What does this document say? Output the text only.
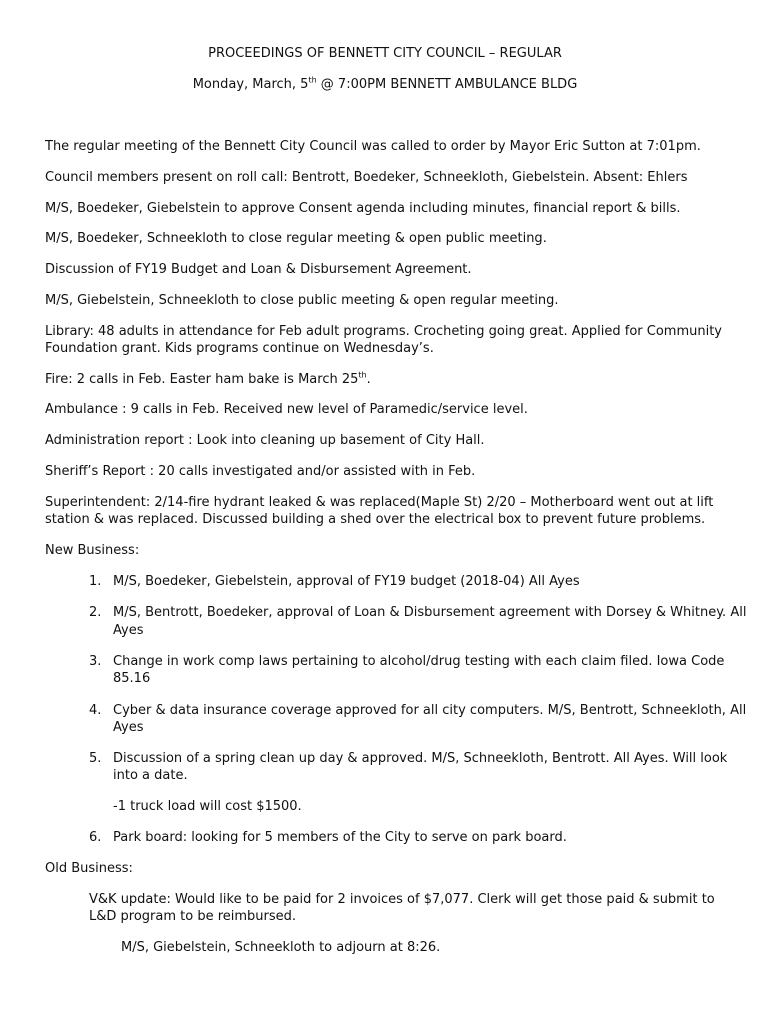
PROCEEDINGS OF BENNETT CITY COUNCIL – REGULAR
Monday, March, 5th @ 7:00PM BENNETT AMBULANCE BLDG
The regular meeting of the Bennett City Council was called to order by Mayor Eric Sutton at 7:01pm.
Council members present on roll call: Bentrott, Boedeker, Schneekloth, Giebelstein. Absent: Ehlers
M/S, Boedeker, Giebelstein to approve Consent agenda including minutes, financial report & bills.
M/S, Boedeker, Schneekloth to close regular meeting & open public meeting.
Discussion of FY19 Budget and Loan & Disbursement Agreement.
M/S, Giebelstein, Schneekloth to close public meeting & open regular meeting.
Library: 48 adults in attendance for Feb adult programs. Crocheting going great. Applied for Community
Foundation grant. Kids programs continue on Wednesday’s.
Fire: 2 calls in Feb. Easter ham bake is March 25th.
Ambulance : 9 calls in Feb. Received new level of Paramedic/service level.
Administration report : Look into cleaning up basement of City Hall.
Sheriff’s Report : 20 calls investigated and/or assisted with in Feb.
Superintendent: 2/14-fire hydrant leaked & was replaced(Maple St) 2/20 – Motherboard went out at lift
station & was replaced. Discussed building a shed over the electrical box to prevent future problems.
New Business:
1. M/S, Boedeker, Giebelstein, approval of FY19 budget (2018-04) All Ayes
2. M/S, Bentrott, Boedeker, approval of Loan & Disbursement agreement with Dorsey & Whitney. All
Ayes
3. Change in work comp laws pertaining to alcohol/drug testing with each claim filed. Iowa Code
85.16
4. Cyber & data insurance coverage approved for all city computers. M/S, Bentrott, Schneekloth, All
Ayes
5. Discussion of a spring clean up day & approved. M/S, Schneekloth, Bentrott. All Ayes. Will look
into a date.
-1 truck load will cost $1500.
6. Park board: looking for 5 members of the City to serve on park board.
Old Business:
V&K update: Would like to be paid for 2 invoices of $7,077. Clerk will get those paid & submit to
L&D program to be reimbursed.
M/S, Giebelstein, Schneekloth to adjourn at 8:26.
